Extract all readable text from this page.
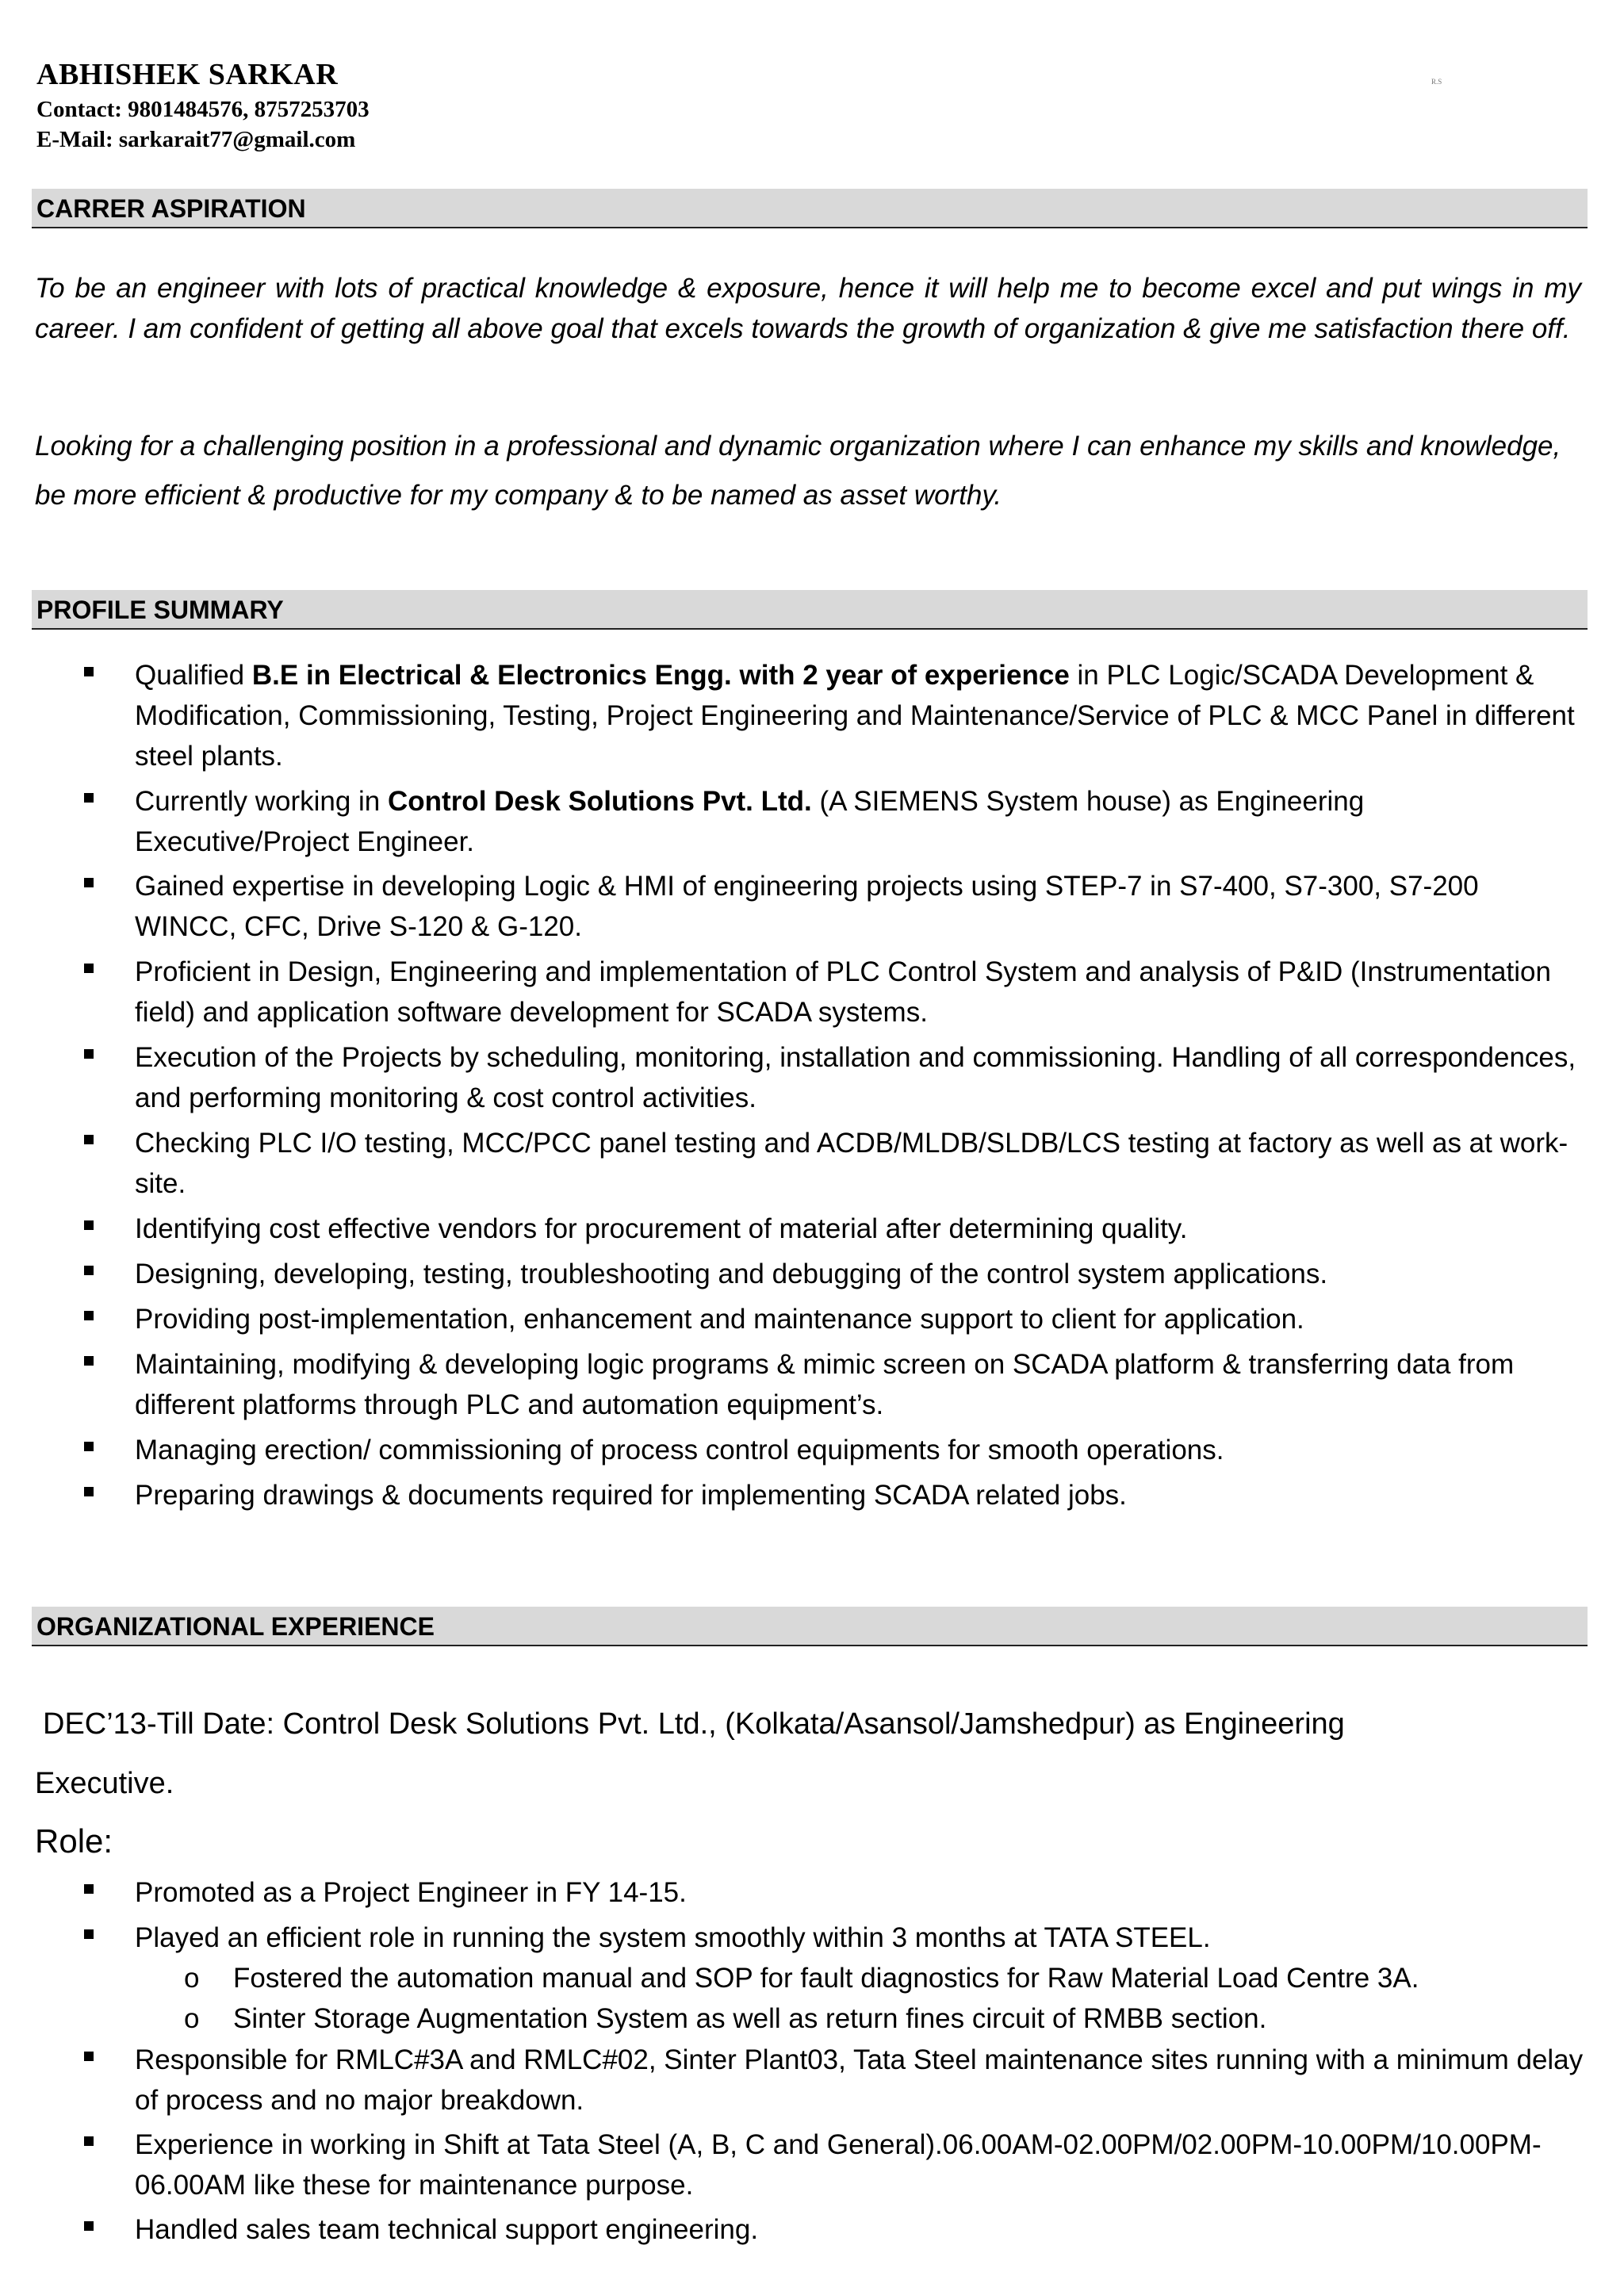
ABHISHEK SARKAR
Contact: 9801484576, 8757253703
E-Mail: sarkarait77@gmail.com
R.S
CARRER ASPIRATION
To be an engineer with lots of practical knowledge & exposure, hence it will help me to become excel and put wings in my career. I am confident of getting all above goal that excels towards the growth of organization & give me satisfaction there off.
Looking for a challenging position in a professional and dynamic organization where I can enhance my skills and knowledge, be more efficient & productive for my company & to be named as asset worthy.
PROFILE SUMMARY
Qualified B.E in Electrical & Electronics Engg. with 2 year of experience in PLC Logic/SCADA Development & Modification, Commissioning, Testing, Project Engineering and Maintenance/Service of PLC & MCC Panel in different steel plants.
Currently working in Control Desk Solutions Pvt. Ltd. (A SIEMENS System house) as Engineering Executive/Project Engineer.
Gained expertise in developing Logic & HMI of engineering projects using STEP-7 in S7-400, S7-300, S7-200 WINCC, CFC, Drive S-120 & G-120.
Proficient in Design, Engineering and implementation of PLC Control System and analysis of P&ID (Instrumentation field) and application software development for SCADA systems.
Execution of the Projects by scheduling, monitoring, installation and commissioning. Handling of all correspondences, and performing monitoring & cost control activities.
Checking PLC I/O testing, MCC/PCC panel testing and ACDB/MLDB/SLDB/LCS testing at factory as well as at work-site.
Identifying cost effective vendors for procurement of material after determining quality.
Designing, developing, testing, troubleshooting and debugging of the control system applications.
Providing post-implementation, enhancement and maintenance support to client for application.
Maintaining, modifying & developing logic programs & mimic screen on SCADA platform & transferring data from different platforms through PLC and automation equipment’s.
Managing erection/ commissioning of process control equipments for smooth operations.
Preparing drawings & documents required for implementing SCADA related jobs.
ORGANIZATIONAL EXPERIENCE
DEC’13-Till Date: Control Desk Solutions Pvt. Ltd., (Kolkata/Asansol/Jamshedpur) as Engineering
Executive.
Role:
Promoted as a Project Engineer in FY 14-15.
Played an efficient role in running the system smoothly within 3 months at TATA STEEL.
o Fostered the automation manual and SOP for fault diagnostics for Raw Material Load Centre 3A.
o Sinter Storage Augmentation System as well as return fines circuit of RMBB section.
Responsible for RMLC#3A and RMLC#02, Sinter Plant03, Tata Steel maintenance sites running with a minimum delay of process and no major breakdown.
Experience in working in Shift at Tata Steel (A, B, C and General).06.00AM-02.00PM/02.00PM-10.00PM/10.00PM-06.00AM like these for maintenance purpose.
Handled sales team technical support engineering.
